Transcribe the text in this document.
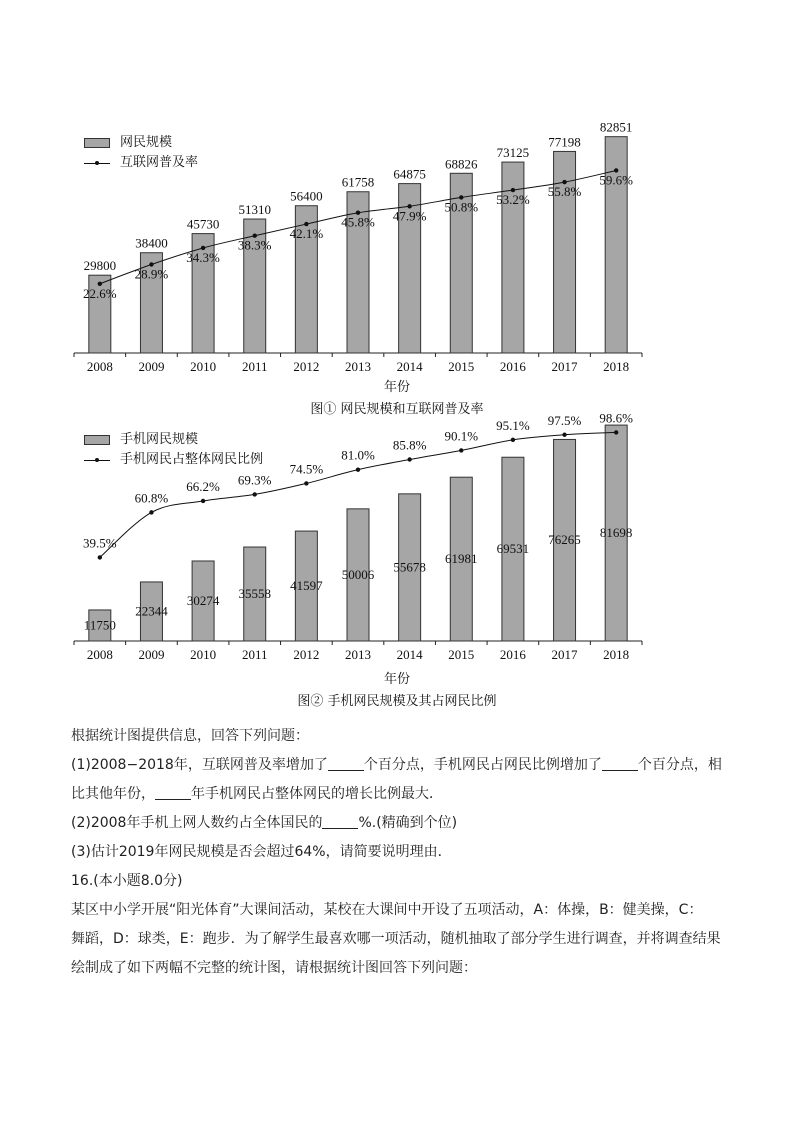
2008
29800
2009
38400
2010
45730
2011
51310
2012
56400
2013
61758
2014
64875
2015
68826
2016
73125
2017
77198
2018
82851
22.6%
28.9%
34.3%
38.3%
42.1%
45.8% 47.9%
50.8% 53.2%
55.8%
59.6%
网民规模
互联网普及率
年份
图① 网民规模和互联网普及率
2008
11750
2009
22344
2010
30274
2011
35558
2012
41597
2013
50006
2014
55678
2015
61981
2016
69531
2017
76265
2018
81698
39.5%
60.8%
66.2% 69.3%
74.5%
81.0%
85.8%
90.1%
95.1% 97.5% 98.6%
手机网民规模
手机网民占整体网民比例
年份
图② 手机网民规模及其占网民比例

根据统计图提供信息，回答下列问题：

(1)2008−2018年，互联网普及率增加了	个百分点，手机网民占网民比例增加了	个百分点，相

比其他年份，	年手机网民占整体网民的增长比例最大．

(2)2008年手机上网人数约占全体国民的	%.(精确到个位)

(3)估计2019年网民规模是否会超过64%，请简要说明理由．

16.(本小题8.0分)

某区中小学开展“阳光体育”大课间活动，某校在大课间中开设了五项活动，A：体操，B：健美操，C：

舞蹈，D：球类，E：跑步．为了解学生最喜欢哪一项活动，随机抽取了部分学生进行调查，并将调查结果

绘制成了如下两幅不完整的统计图，请根据统计图回答下列问题：
